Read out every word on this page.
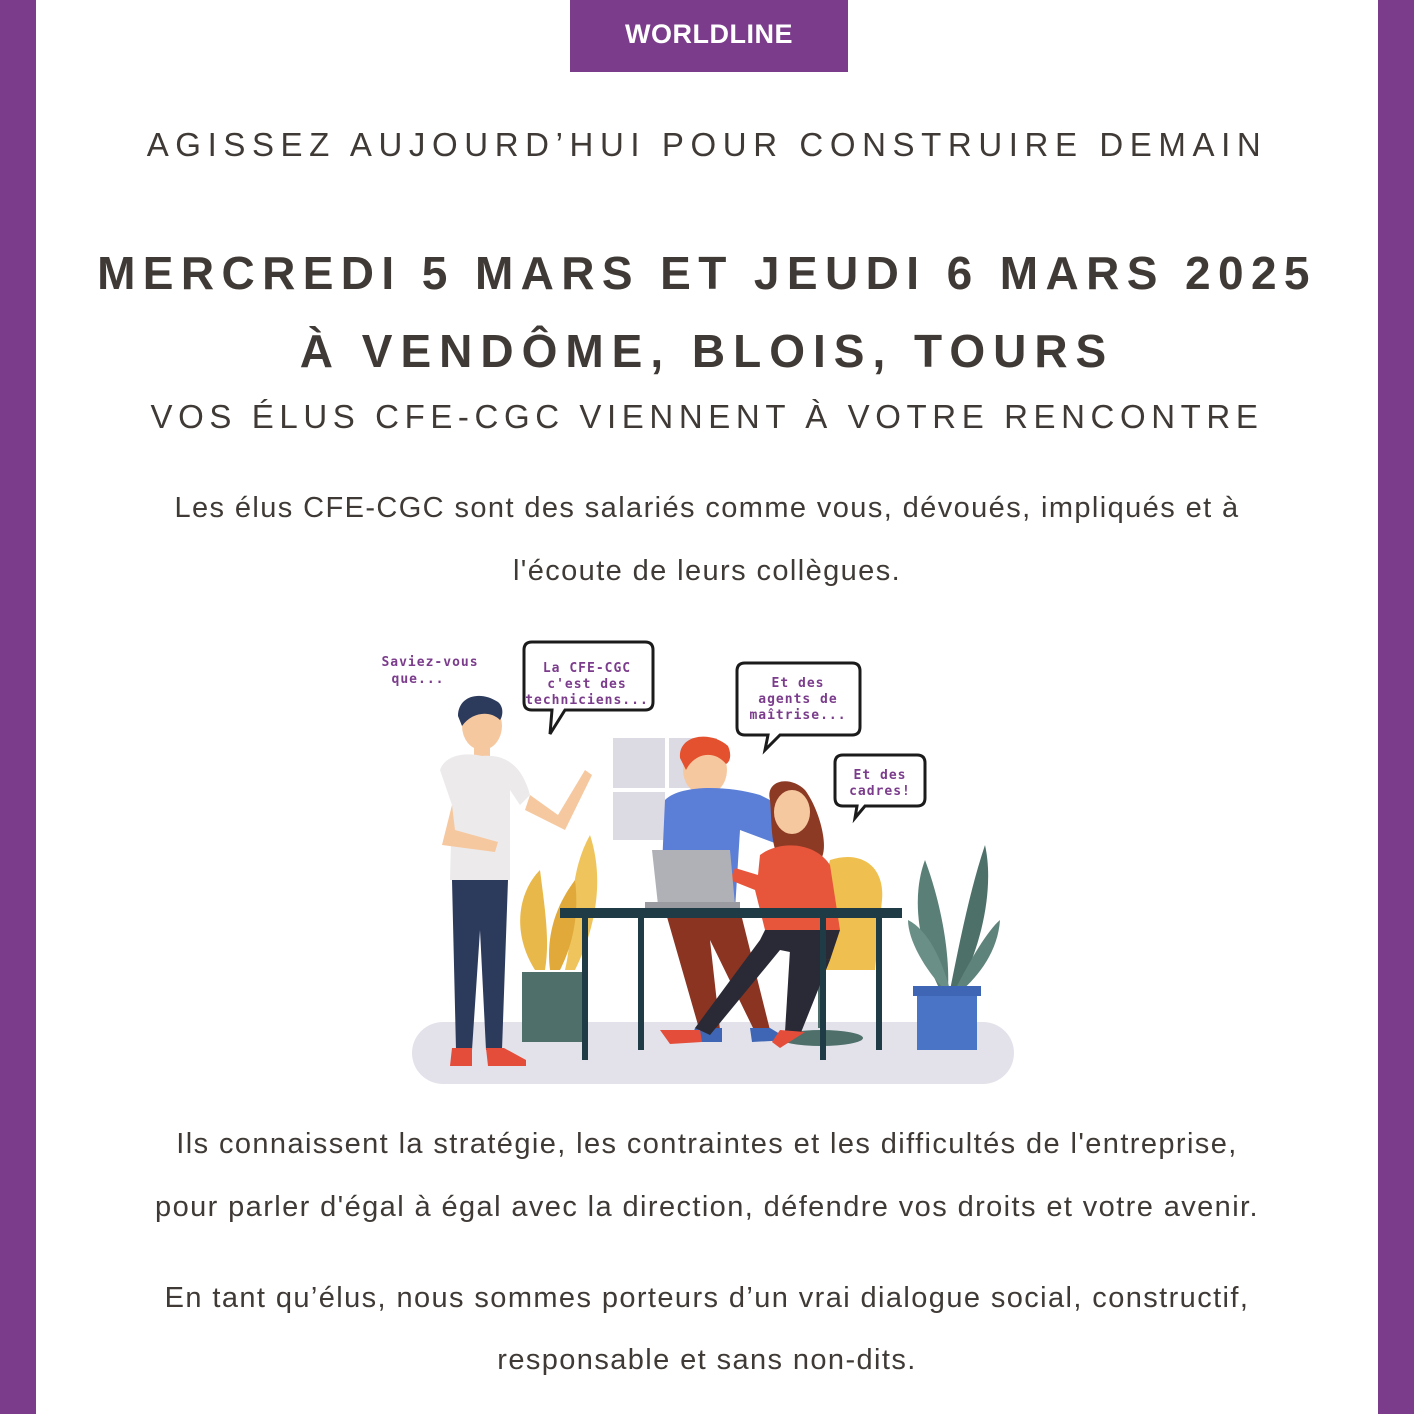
WORLDLINE
AGISSEZ AUJOURD’HUI POUR CONSTRUIRE DEMAIN
MERCREDI 5 MARS ET JEUDI 6 MARS 2025
À VENDÔME, BLOIS, TOURS
VOS ÉLUS CFE-CGC VIENNENT À VOTRE RENCONTRE
Les élus CFE-CGC sont des salariés comme vous, dévoués, impliqués et à
l'écoute de leurs collègues.
Saviez-vous
que...
La CFE-CGC
c'est des
techniciens...
Et des
agents de
maîtrise...
Et des
cadres!
Ils connaissent la stratégie, les contraintes et les difficultés de l'entreprise,
pour parler d'égal à égal avec la direction, défendre vos droits et votre avenir.
En tant qu’élus, nous sommes porteurs d’un vrai dialogue social, constructif,
responsable et sans non-dits.
